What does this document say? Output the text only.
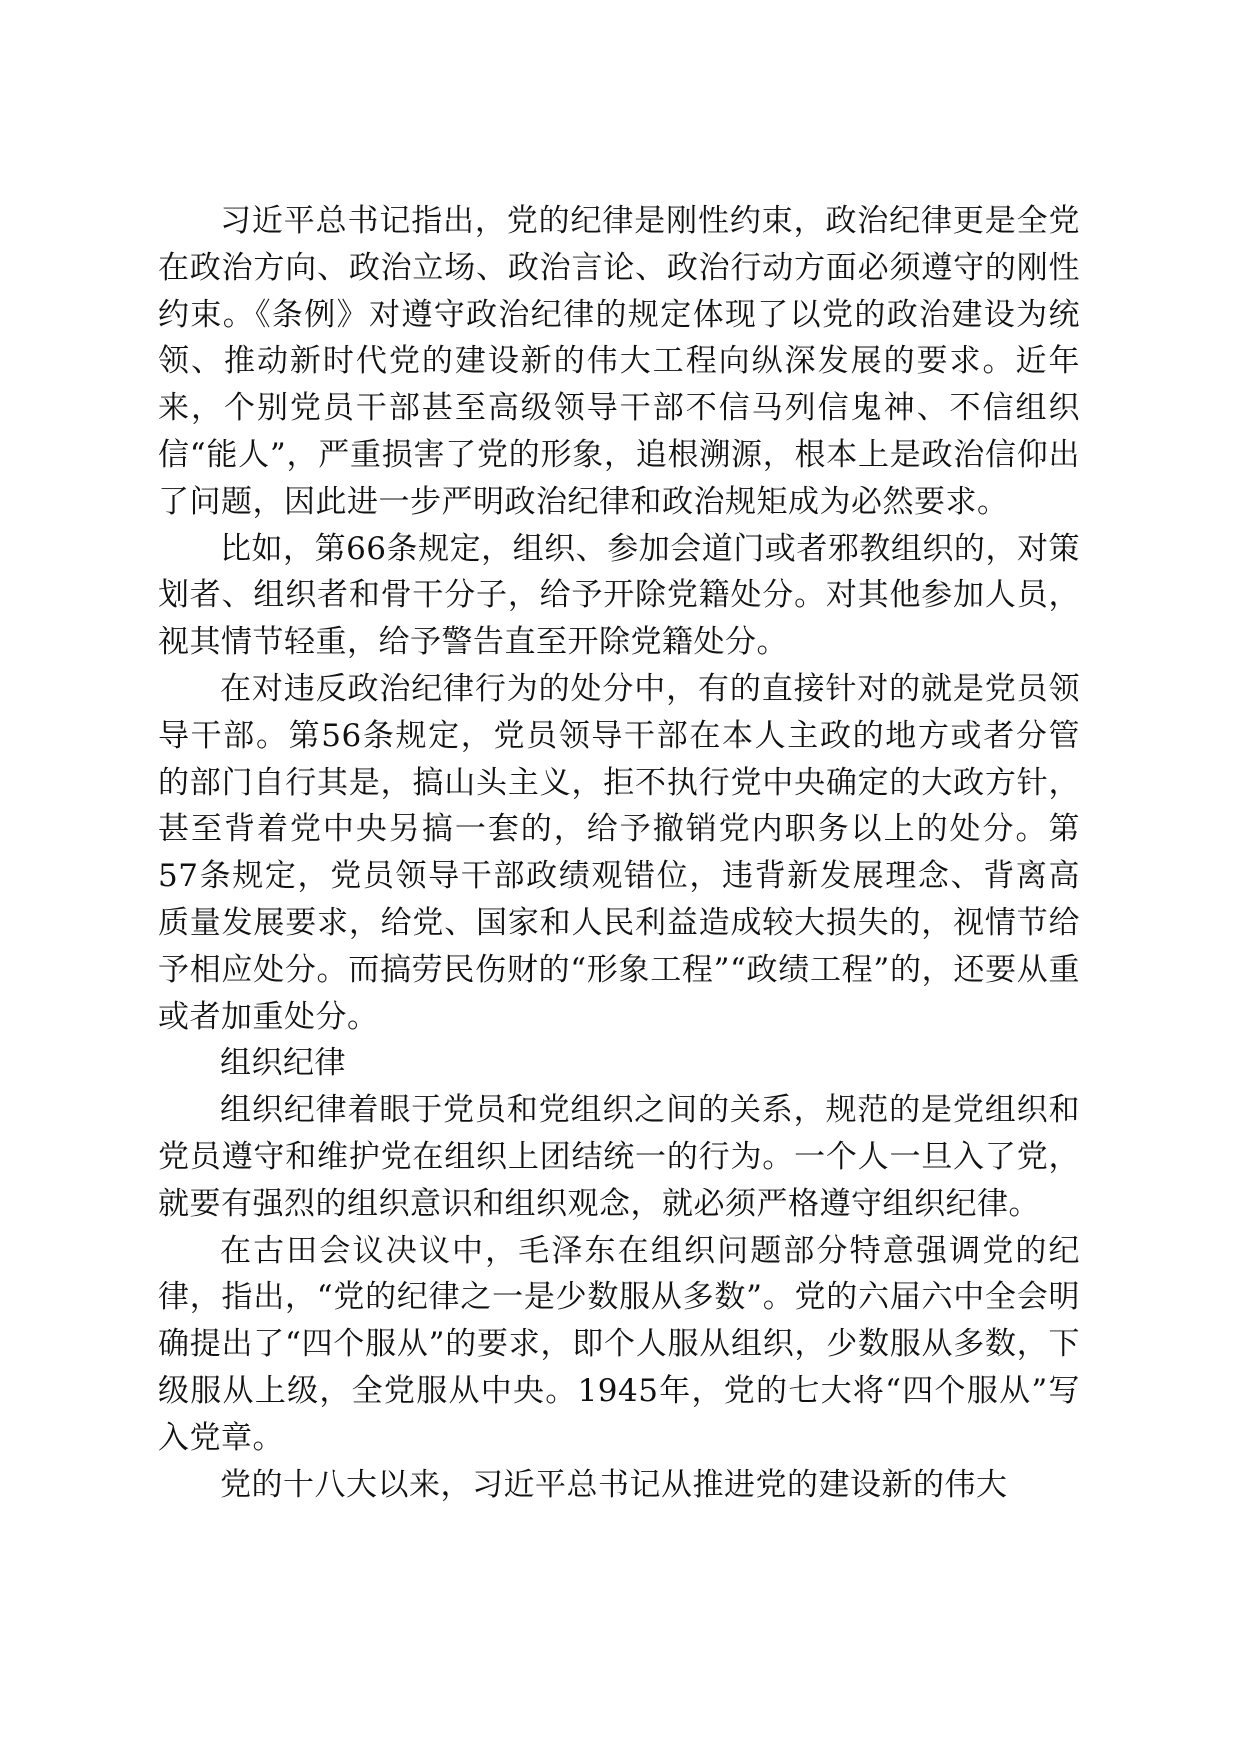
习近平总书记指出，党的纪律是刚性约束，政治纪律更是全党在政治方向、政治立场、政治言论、政治行动方面必须遵守的刚性约束。《条例》对遵守政治纪律的规定体现了以党的政治建设为统领、推动新时代党的建设新的伟大工程向纵深发展的要求。近年来，个别党员干部甚至高级领导干部不信马列信鬼神、不信组织信“能人”，严重损害了党的形象，追根溯源，根本上是政治信仰出了问题，因此进一步严明政治纪律和政治规矩成为必然要求。

比如，第66条规定，组织、参加会道门或者邪教组织的，对策划者、组织者和骨干分子，给予开除党籍处分。对其他参加人员，视其情节轻重，给予警告直至开除党籍处分。

在对违反政治纪律行为的处分中，有的直接针对的就是党员领导干部。第56条规定，党员领导干部在本人主政的地方或者分管的部门自行其是，搞山头主义，拒不执行党中央确定的大政方针，甚至背着党中央另搞一套的，给予撤销党内职务以上的处分。第57条规定，党员领导干部政绩观错位，违背新发展理念、背离高质量发展要求，给党、国家和人民利益造成较大损失的，视情节给予相应处分。而搞劳民伤财的“形象工程”“政绩工程”的，还要从重或者加重处分。

组织纪律

组织纪律着眼于党员和党组织之间的关系，规范的是党组织和党员遵守和维护党在组织上团结统一的行为。一个人一旦入了党，就要有强烈的组织意识和组织观念，就必须严格遵守组织纪律。

在古田会议决议中，毛泽东在组织问题部分特意强调党的纪律，指出，“党的纪律之一是少数服从多数”。党的六届六中全会明确提出了“四个服从”的要求，即个人服从组织，少数服从多数，下级服从上级，全党服从中央。1945年，党的七大将“四个服从”写入党章。

党的十八大以来，习近平总书记从推进党的建设新的伟大
